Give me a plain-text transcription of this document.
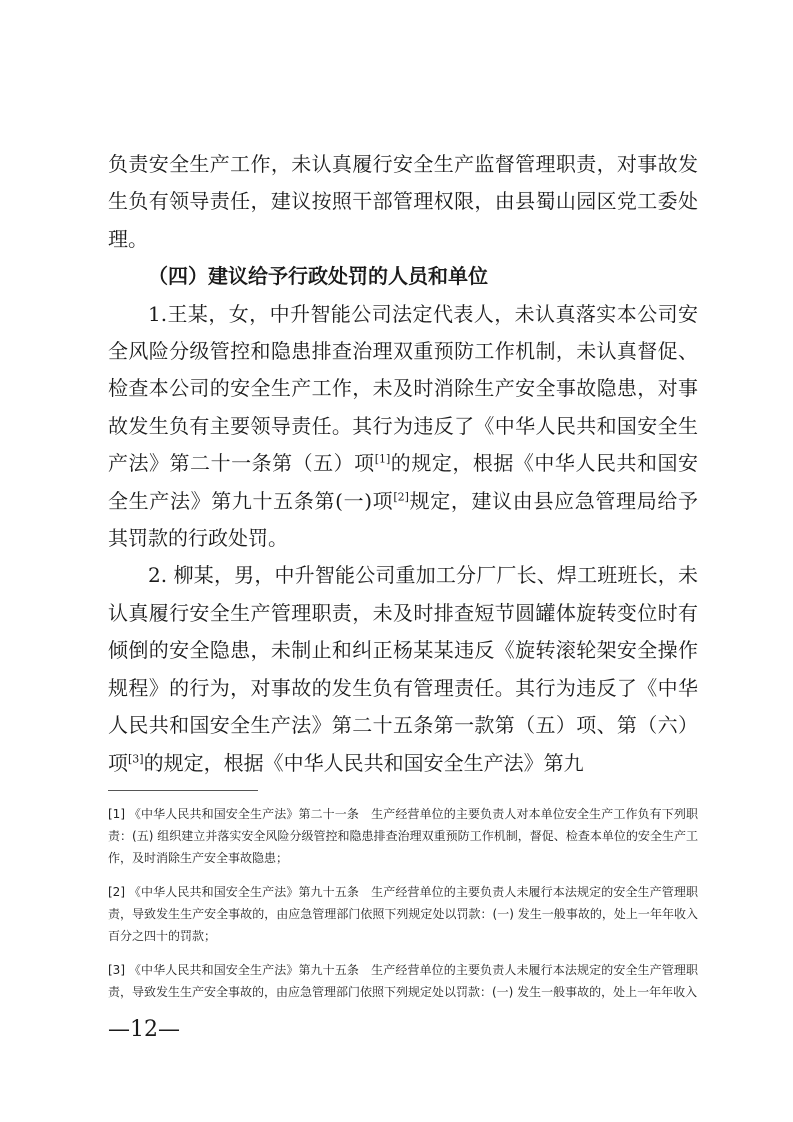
负责安全生产工作，未认真履行安全生产监督管理职责，对事故发生负有领导责任，建议按照干部管理权限，由县蜀山园区党工委处理。

（四）建议给予行政处罚的人员和单位

1.王某，女，中升智能公司法定代表人，未认真落实本公司安全风险分级管控和隐患排查治理双重预防工作机制，未认真督促、检查本公司的安全生产工作，未及时消除生产安全事故隐患，对事故发生负有主要领导责任。其行为违反了《中华人民共和国安全生产法》第二十一条第（五）项[1]的规定，根据《中华人民共和国安全生产法》第九十五条第(一)项[2]规定，建议由县应急管理局给予其罚款的行政处罚。

2. 柳某，男，中升智能公司重加工分厂厂长、焊工班班长，未认真履行安全生产管理职责，未及时排查短节圆罐体旋转变位时有倾倒的安全隐患，未制止和纠正杨某某违反《旋转滚轮架安全操作规程》的行为，对事故的发生负有管理责任。其行为违反了《中华人民共和国安全生产法》第二十五条第一款第（五）项、第（六）项[3]的规定，根据《中华人民共和国安全生产法》第九

[1] 《中华人民共和国安全生产法》第二十一条　生产经营单位的主要负责人对本单位安全生产工作负有下列职责：(五) 组织建立并落实安全风险分级管控和隐患排查治理双重预防工作机制，督促、检查本单位的安全生产工作，及时消除生产安全事故隐患；

[2] 《中华人民共和国安全生产法》第九十五条　生产经营单位的主要负责人未履行本法规定的安全生产管理职责，导致发生生产安全事故的，由应急管理部门依照下列规定处以罚款：(一) 发生一般事故的，处上一年年收入百分之四十的罚款；

[3] 《中华人民共和国安全生产法》第九十五条　生产经营单位的主要负责人未履行本法规定的安全生产管理职责，导致发生生产安全事故的，由应急管理部门依照下列规定处以罚款：(一) 发生一般事故的，处上一年年收入

—12—
